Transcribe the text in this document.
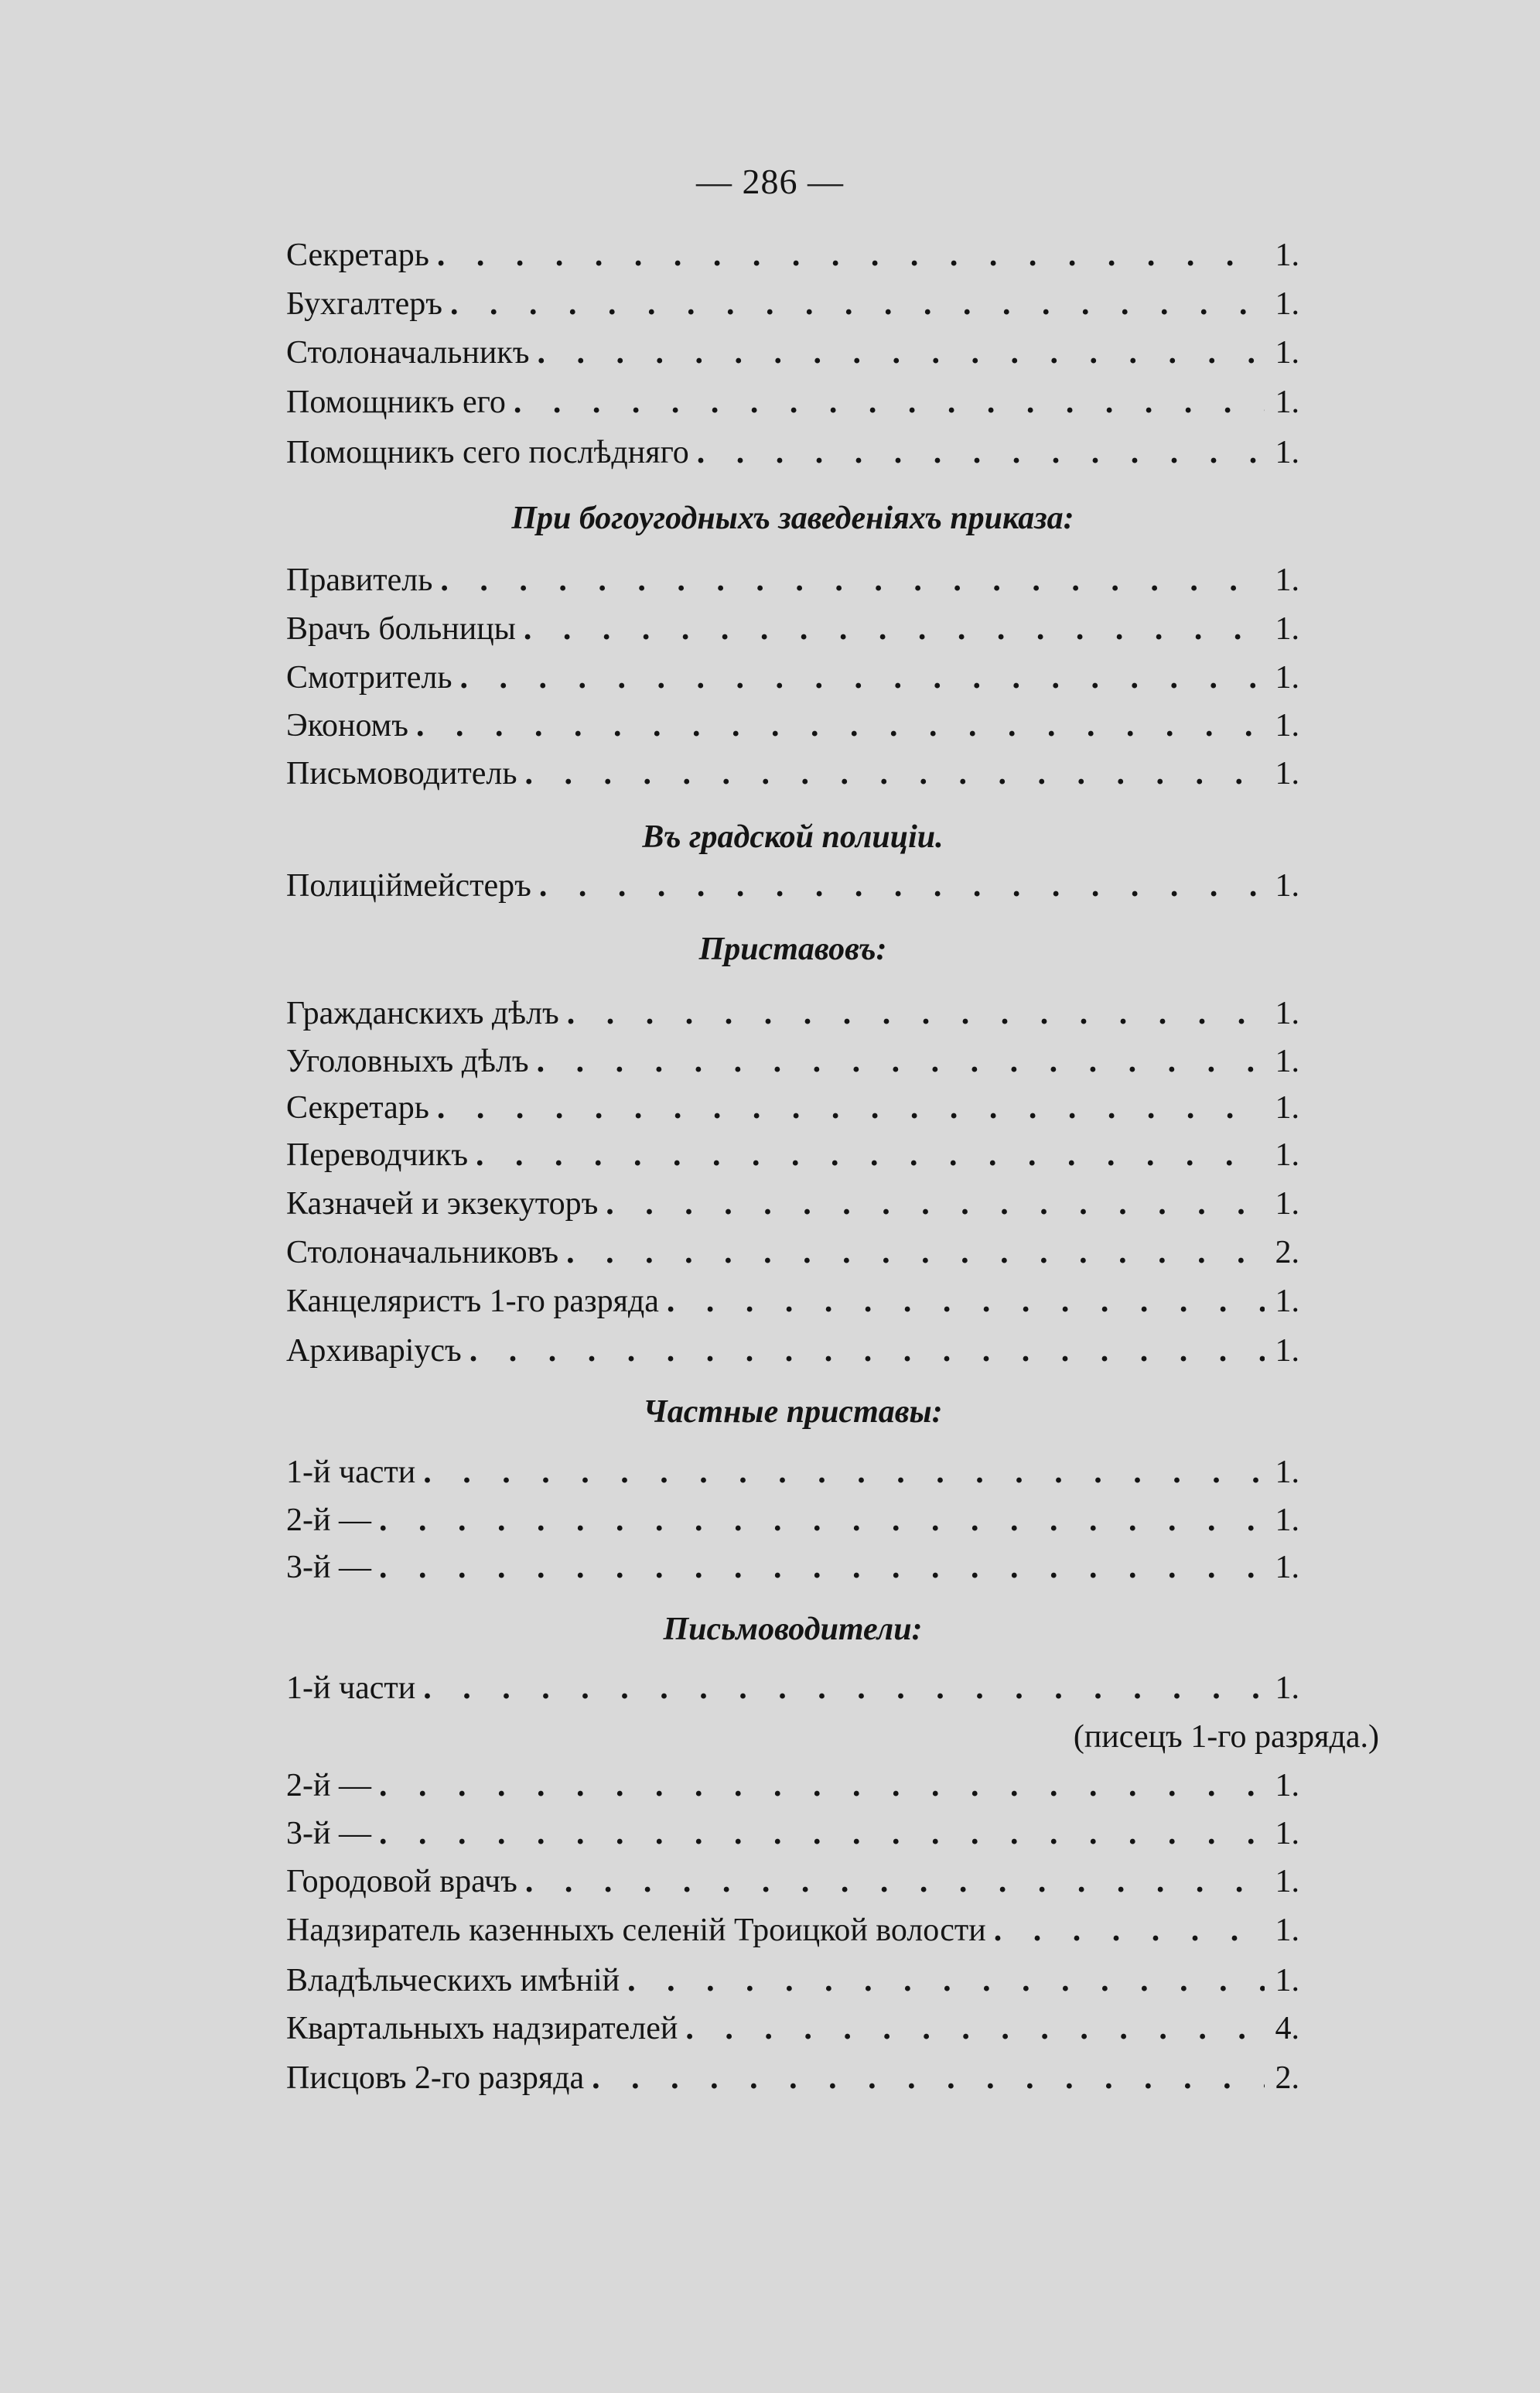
— 286 —
Секретарь . . .	1.
Бухгалтеръ . . .	1.
Столоначальникъ . . .	1.
Помощникъ его . . .	1.
Помощникъ сего послѣдняго . . .	1.
При богоугодныхъ заведеніяхъ приказа:
Правитель . . .	1.
Врачъ больницы . . .	1.
Смотритель . . .	1.
Экономъ . . .	1.
Письмоводитель . . .	1.
Въ градской полиціи.
Полиціймейстеръ . . .	1.
Приставовъ:
Гражданскихъ дѣлъ . . .	1.
Уголовныхъ дѣлъ . . .	1.
Секретарь . . .	1.
Переводчикъ . . .	1.
Казначей и экзекуторъ . . .	1.
Столоначальниковъ . . .	2.
Канцеляристъ 1-го разряда . . .	1.
Архиваріусъ . . .	1.
Частные приставы:
1-й части . . .	1.
2-й — . . .	1.
3-й — . . .	1.
Письмоводители:
1-й части . . .	1.
(писецъ 1-го разряда.)
2-й — . . .	1.
3-й — . . .	1.
Городовой врачъ . . .	1.
Надзиратель казенныхъ селеній Троицкой волости . . .	1.
Владѣльческихъ имѣній . . .	1.
Квартальныхъ надзирателей . . .	4.
Писцовъ 2-го разряда . . .	2.
